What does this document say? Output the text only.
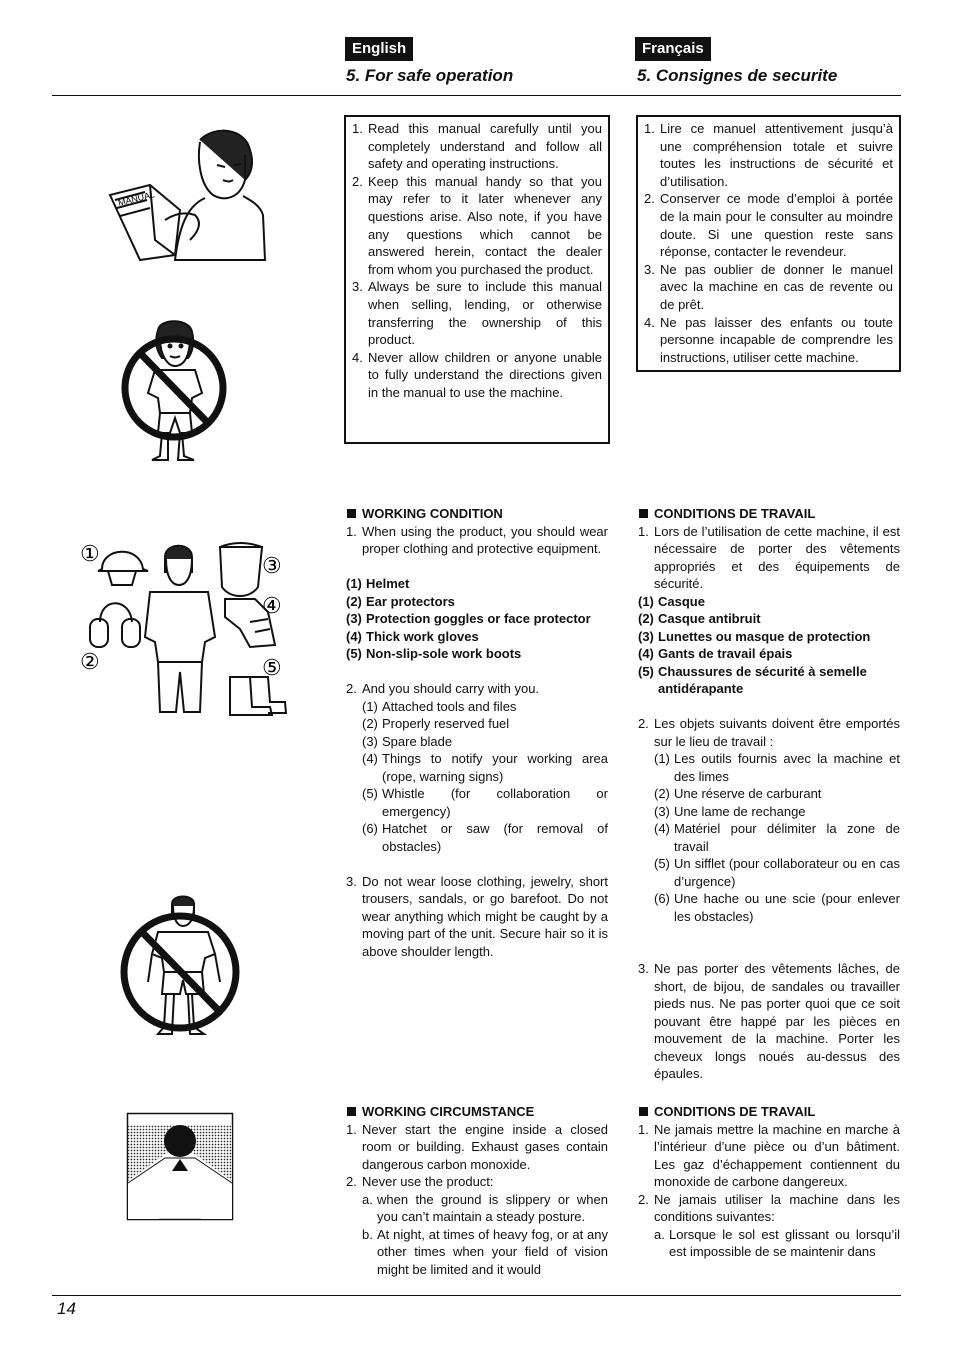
English	Français
5. For safe operation	5. Consignes de securite
MANUAL
①
②
③
④
⑤
1. Read this manual carefully until you completely understand and follow all safety and operating instructions.
2. Keep this manual handy so that you may refer to it later whenever any questions arise. Also note, if you have any questions which cannot be answered herein, contact the dealer from whom you purchased the product.
3. Always be sure to include this manual when selling, lending, or otherwise transferring the ownership of this product.
4. Never allow children or anyone unable to fully understand the directions given in the manual to use the machine.
1. Lire ce manuel attentivement jusqu’à une compréhension totale et suivre toutes les instructions de sécurité et d’utilisation.
2. Conserver ce mode d’emploi à portée de la main pour le consulter au moindre doute. Si une question reste sans réponse, contacter le revendeur.
3. Ne pas oublier de donner le manuel avec la machine en cas de revente ou de prêt.
4. Ne pas laisser des enfants ou toute personne incapable de comprendre les instructions, utiliser cette machine.
WORKING CONDITION
1. When using the product, you should wear proper clothing and protective equipment.
(1) Helmet
(2) Ear protectors
(3) Protection goggles or face protector
(4) Thick work gloves
(5) Non-slip-sole work boots
2. And you should carry with you.
(1) Attached tools and files
(2) Properly reserved fuel
(3) Spare blade
(4) Things to notify your working area (rope, warning signs)
(5) Whistle (for collaboration or emergency)
(6) Hatchet or saw (for removal of obstacles)
3. Do not wear loose clothing, jewelry, short trousers, sandals, or go barefoot. Do not wear anything which might be caught by a moving part of the unit. Secure hair so it is above shoulder length.
CONDITIONS DE TRAVAIL
1. Lors de l’utilisation de cette machine, il est nécessaire de porter des vêtements appropriés et des équipements de sécurité.
(1) Casque
(2) Casque antibruit
(3) Lunettes ou masque de protection
(4) Gants de travail épais
(5) Chaussures de sécurité à semelle antidérapante
2. Les objets suivants doivent être emportés sur le lieu de travail :
(1) Les outils fournis avec la machine et des limes
(2) Une réserve de carburant
(3) Une lame de rechange
(4) Matériel pour délimiter la zone de travail
(5) Un sifflet (pour collaborateur ou en cas d’urgence)
(6) Une hache ou une scie (pour enlever les obstacles)
3. Ne pas porter des vêtements lâches, de short, de bijou, de sandales ou travailler pieds nus. Ne pas porter quoi que ce soit pouvant être happé par les pièces en mouvement de la machine. Porter les cheveux longs noués au-dessus des épaules.
WORKING CIRCUMSTANCE
1. Never start the engine inside a closed room or building. Exhaust gases contain dangerous carbon monoxide.
2. Never use the product:
a. when the ground is slippery or when you can’t maintain a steady posture.
b. At night, at times of heavy fog, or at any other times when your field of vision might be limited and it would
CONDITIONS DE TRAVAIL
1. Ne jamais mettre la machine en marche à l’intérieur d’une pièce ou d’un bâtiment. Les gaz d’échappement contiennent du monoxide de carbone dangereux.
2. Ne jamais utiliser la machine dans les conditions suivantes:
a. Lorsque le sol est glissant ou lorsqu’il est impossible de se maintenir dans
14
